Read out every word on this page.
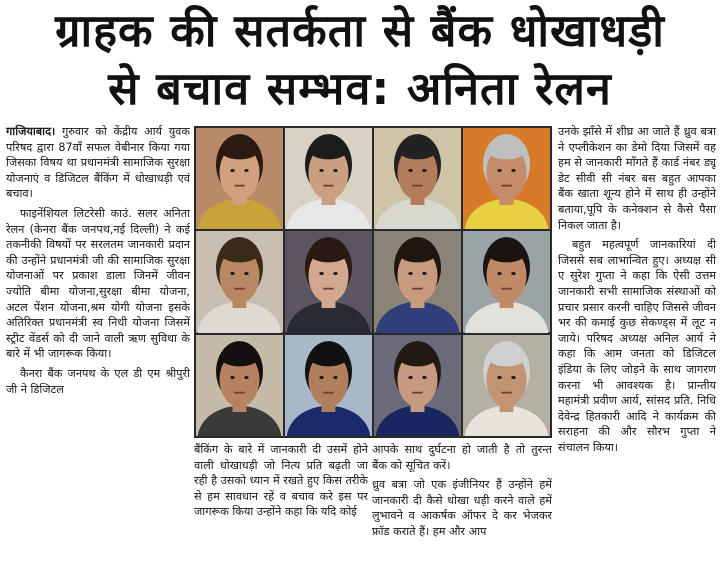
ग्राहक की सतर्कता से बैंक धोखाधड़ी
से बचाव सम्भव: अनिता रेलन

गाजियाबाद। गुरुवार को केंद्रीय आर्य युवक परिषद द्वारा 87वाँ सफल वेबीनार किया गया जिसका विषय था प्रधानमंत्री सामाजिक सुरक्षा योजनाएं व डिजिटल बैंकिंग में धोखाधड़ी एवं बचाव।

फाइनेंशियल लिटरेसी काउं. सलर अनिता रेलन (केनरा बैंक जनपथ,नई दिल्ली) ने कई तकनीकी विषयों पर सरलतम जानकारी प्रदान की उन्होंने प्रधानमंत्री जी की सामाजिक सुरक्षा योजनाओं पर प्रकाश डाला जिनमें जीवन ज्योति बीमा योजना,सुरक्षा बीमा योजना, अटल पेंशन योजना,श्रम योगी योजना इसके अतिरिक्त प्रधानमंत्री स्व निधी योजना जिसमें स्ट्रीट वेंडर्स को दी जाने वाली ऋण सुविधा के बारे में भी जागरूक किया।

कैनरा बैंक जनपथ के एल डी एम श्रीपुरी जी ने डिजिटल

बैंकिंग के बारे में जानकारी दी उसमें होने वाली धोखाधड़ी जो नित्य प्रति बढ़ती जा रही है उसको ध्यान में रखते हुए किस तरीके से हम सावधान रहें व बचाव करे इस पर जागरूक किया उन्होंने कहा कि यदि कोई

आपके साथ दुर्घटना हो जाती है तो तुरन्त बैंक को सूचित करें।

ध्रुव बत्रा जो एक इंजीनियर हैं उन्होंने हमें जानकारी दी कैसे धोखा धड़ी करने वाले हमें लुभावने व आकर्षक ऑफर दे कर भेजकर फ्रॉड कराते हैं। हम और आप

उनके झाँसे में शीघ्र आ जाते हैं ध्रुव बत्रा ने एप्लीकेशन का डेमो दिया जिसमें वह हम से जानकारी माँगते हैं कार्ड नंबर ड्यू डेट सीवी सी नंबर बस बहुत आपका बैंक खाता शून्य होने में साथ ही उन्होंने बताया,पूपि के कनेक्शन से कैसे पैसा निकल जाता है।

बहुत महत्वपूर्ण जानकारियां दी जिससे सब लाभान्वित हुए। अध्यक्ष सी ए सुरेश गुप्ता ने कहा कि ऐसी उत्तम जानकारी सभी सामाजिक संस्थाओं को प्रचार प्रसार करनी चाहिए जिससे जीवन भर की कमाई कुछ सेकण्ड्स में लूट न जाये। परिषद अध्यक्ष अनिल आर्य ने कहा कि आम जनता को डिजिटल इंडिया के लिए जोड़ने के साथ जागरण करना भी आवश्यक है। प्रान्तीय महामंत्री प्रवीण आर्य, सांसद प्रति. निधि देवेन्द्र हितकारी आदि ने कार्यक्रम की सराहना की और सौरभ गुप्ता ने संचालन किया।
